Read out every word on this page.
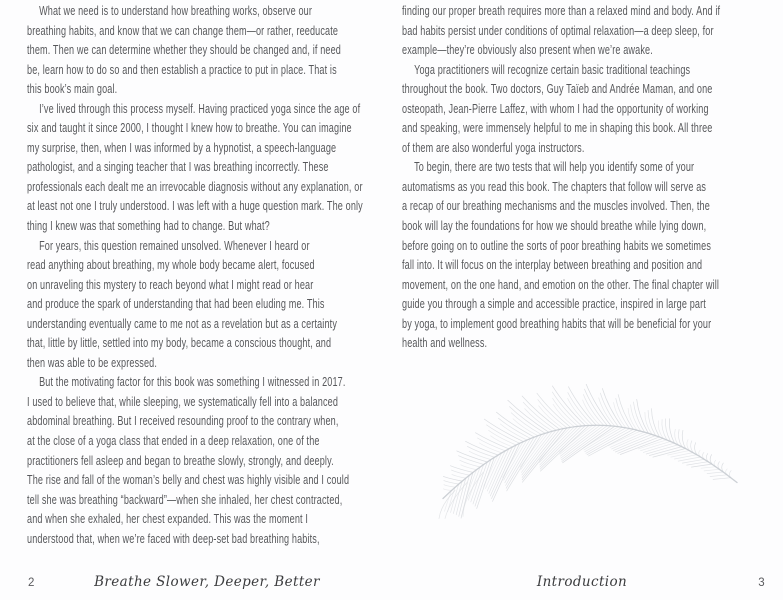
What we need is to understand how breathing works, observe our
breathing habits, and know that we can change them—or rather, reeducate
them. Then we can determine whether they should be changed and, if need
be, learn how to do so and then establish a practice to put in place. That is
this book’s main goal.
I’ve lived through this process myself. Having practiced yoga since the age of
six and taught it since 2000, I thought I knew how to breathe. You can imagine
my surprise, then, when I was informed by a hypnotist, a speech-language
pathologist, and a singing teacher that I was breathing incorrectly. These
professionals each dealt me an irrevocable diagnosis without any explanation, or
at least not one I truly understood. I was left with a huge question mark. The only
thing I knew was that something had to change. But what?
For years, this question remained unsolved. Whenever I heard or
read anything about breathing, my whole body became alert, focused
on unraveling this mystery to reach beyond what I might read or hear
and produce the spark of understanding that had been eluding me. This
understanding eventually came to me not as a revelation but as a certainty
that, little by little, settled into my body, became a conscious thought, and
then was able to be expressed.
But the motivating factor for this book was something I witnessed in 2017.
I used to believe that, while sleeping, we systematically fell into a balanced
abdominal breathing. But I received resounding proof to the contrary when,
at the close of a yoga class that ended in a deep relaxation, one of the
practitioners fell asleep and began to breathe slowly, strongly, and deeply.
The rise and fall of the woman’s belly and chest was highly visible and I could
tell she was breathing “backward”—when she inhaled, her chest contracted,
and when she exhaled, her chest expanded. This was the moment I
understood that, when we’re faced with deep-set bad breathing habits,
2	Breathe Slower, Deeper, Better
finding our proper breath requires more than a relaxed mind and body. And if
bad habits persist under conditions of optimal relaxation—a deep sleep, for
example—they’re obviously also present when we’re awake.
Yoga practitioners will recognize certain basic traditional teachings
throughout the book. Two doctors, Guy Taïeb and Andrée Maman, and one
osteopath, Jean-Pierre Laffez, with whom I had the opportunity of working
and speaking, were immensely helpful to me in shaping this book. All three
of them are also wonderful yoga instructors.
To begin, there are two tests that will help you identify some of your
automatisms as you read this book. The chapters that follow will serve as
a recap of our breathing mechanisms and the muscles involved. Then, the
book will lay the foundations for how we should breathe while lying down,
before going on to outline the sorts of poor breathing habits we sometimes
fall into. It will focus on the interplay between breathing and position and
movement, on the one hand, and emotion on the other. The final chapter will
guide you through a simple and accessible practice, inspired in large part
by yoga, to implement good breathing habits that will be beneficial for your
health and wellness.
Introduction	3
